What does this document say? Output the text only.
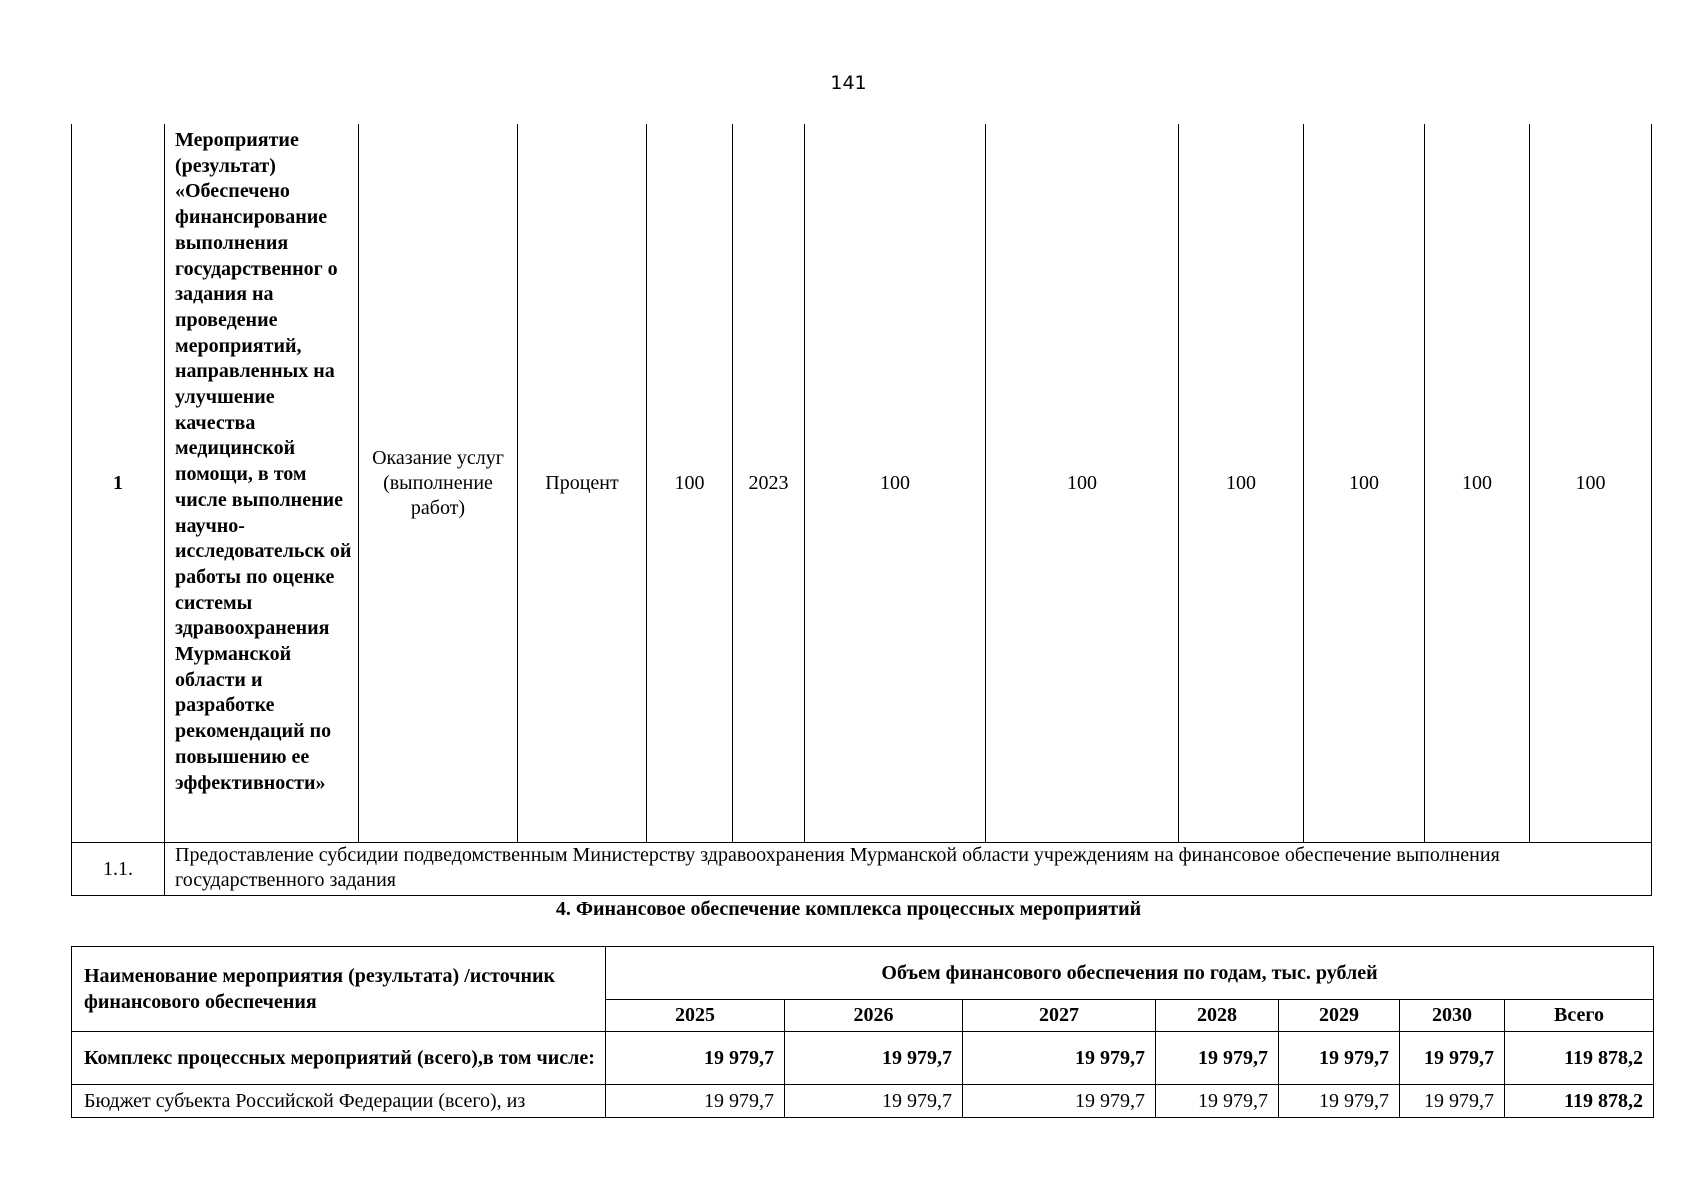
141
1	Мероприятие (результат) «Обеспечено финансирование выполнения государственног о задания на проведение мероприятий, направленных на улучшение качества медицинской помощи, в том числе выполнение научно-исследовательск ой работы по оценке системы здравоохранения Мурманской области и разработке рекомендаций по повышению ее эффективности»	Оказание услуг (выполнение работ)	Процент	100	2023	100	100	100	100	100	100
1.1.	Предоставление субсидии подведомственным Министерству здравоохранения Мурманской области учреждениям на финансовое обеспечение выполнения государственного задания										
4. Финансовое обеспечение комплекса процессных мероприятий
Наименование мероприятия (результата) /источник финансового обеспечения	Объем финансового обеспечения по годам, тыс. рублей						
	2025	2026	2027	2028	2029	2030	Всего
Комплекс процессных мероприятий (всего),в том числе:	19 979,7	19 979,7	19 979,7	19 979,7	19 979,7	19 979,7	119 878,2
Бюджет субъекта Российской Федерации (всего), из	19 979,7	19 979,7	19 979,7	19 979,7	19 979,7	19 979,7	119 878,2
